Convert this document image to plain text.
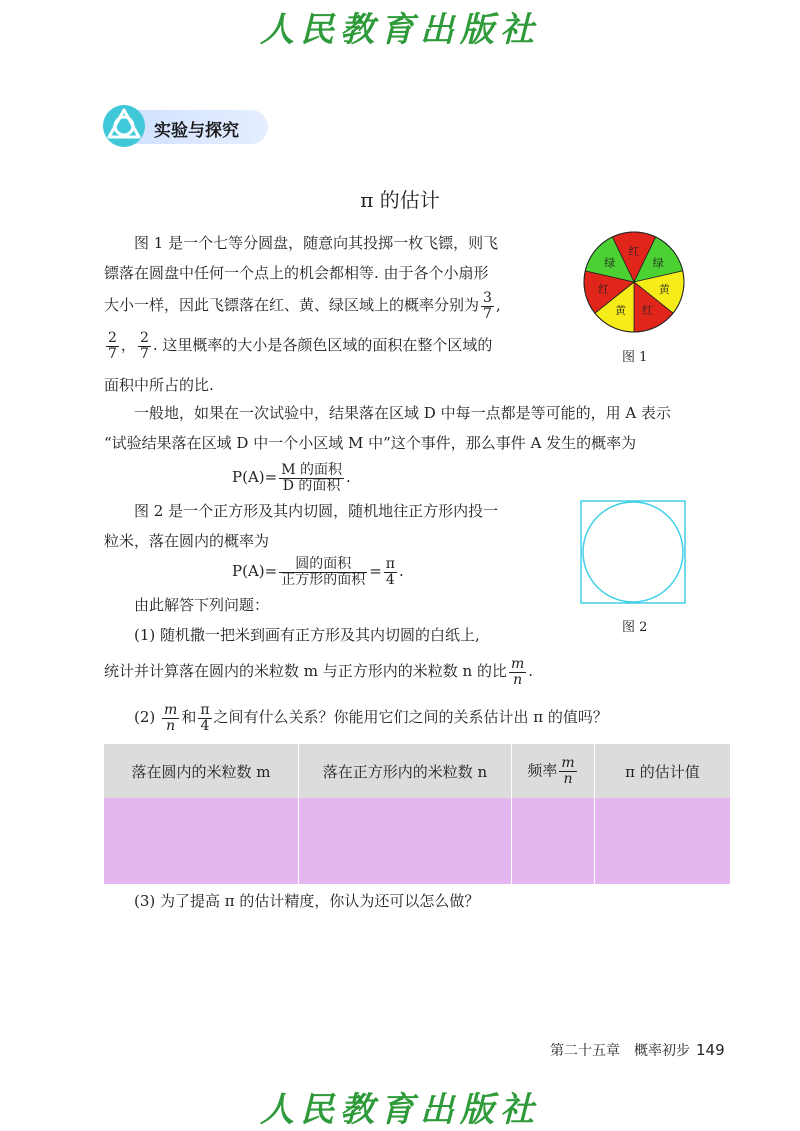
人民教育出版社
实验与探究
π 的估计
图 1 是一个七等分圆盘，随意向其投掷一枚飞镖，则飞
镖落在圆盘中任何一个点上的机会都相等. 由于各个小扇形
大小一样，因此飞镖落在红、黄、绿区域上的概率分别为 $\frac{3}{7}$ ,
$\frac{2}{7}$ ， $\frac{2}{7}$ . 这里概率的大小是各颜色区域的面积在整个区域的
面积中所占的比.
红
绿
黄
红
黄
红
绿
图 1
一般地，如果在一次试验中，结果落在区域 D 中每一点都是等可能的，用 A 表示
“试验结果落在区域 D 中一个小区域 M 中”这个事件，那么事件 A 发生的概率为
$P(A)= \frac{\text{M 的面积}}{\text{D 的面积}}$ .
图 2 是一个正方形及其内切圆，随机地往正方形内投一
粒米，落在圆内的概率为
$P(A)= \frac{\text{圆的面积}}{\text{正方形的面积}} = \frac{\pi}{4}$ .
图 2
由此解答下列问题：
(1) 随机撒一把米到画有正方形及其内切圆的白纸上,
统计并计算落在圆内的米粒数 m 与正方形内的米粒数 n 的比 $\frac{m}{n}$ .
$(2) \frac{m}{n}$ 和 $\frac{\pi}{4}$ 之间有什么关系？你能用它们之间的关系估计出 π 的值吗？
落在圆内的米粒数 m	落在正方形内的米粒数 n	频率 $\frac{m}{n}$	π 的估计值

(3) 为了提高 π 的估计精度，你认为还可以怎么做？
第二十五章　概率初步 149
人民教育出版社
